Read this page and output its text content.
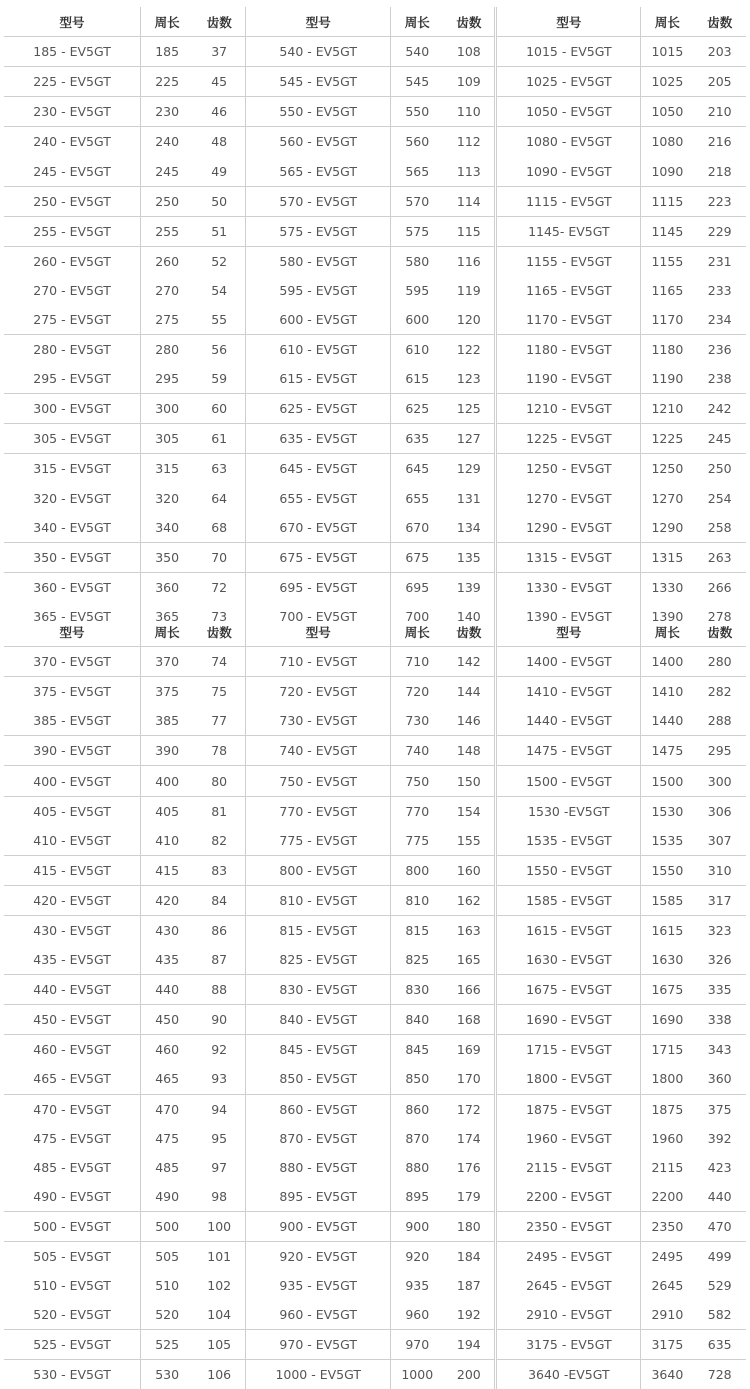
型号	周长	齿数	型号	周长	齿数	型号	周长	齿数
185 - EV5GT	185	37	540 - EV5GT	540	108	1015 - EV5GT	1015	203
225 - EV5GT	225	45	545 - EV5GT	545	109	1025 - EV5GT	1025	205
230 - EV5GT	230	46	550 - EV5GT	550	110	1050 - EV5GT	1050	210
240 - EV5GT	240	48	560 - EV5GT	560	112	1080 - EV5GT	1080	216
245 - EV5GT	245	49	565 - EV5GT	565	113	1090 - EV5GT	1090	218
250 - EV5GT	250	50	570 - EV5GT	570	114	1115 - EV5GT	1115	223
255 - EV5GT	255	51	575 - EV5GT	575	115	1145- EV5GT	1145	229
260 - EV5GT	260	52	580 - EV5GT	580	116	1155 - EV5GT	1155	231
270 - EV5GT	270	54	595 - EV5GT	595	119	1165 - EV5GT	1165	233
275 - EV5GT	275	55	600 - EV5GT	600	120	1170 - EV5GT	1170	234
280 - EV5GT	280	56	610 - EV5GT	610	122	1180 - EV5GT	1180	236
295 - EV5GT	295	59	615 - EV5GT	615	123	1190 - EV5GT	1190	238
300 - EV5GT	300	60	625 - EV5GT	625	125	1210 - EV5GT	1210	242
305 - EV5GT	305	61	635 - EV5GT	635	127	1225 - EV5GT	1225	245
315 - EV5GT	315	63	645 - EV5GT	645	129	1250 - EV5GT	1250	250
320 - EV5GT	320	64	655 - EV5GT	655	131	1270 - EV5GT	1270	254
340 - EV5GT	340	68	670 - EV5GT	670	134	1290 - EV5GT	1290	258
350 - EV5GT	350	70	675 - EV5GT	675	135	1315 - EV5GT	1315	263
360 - EV5GT	360	72	695 - EV5GT	695	139	1330 - EV5GT	1330	266
365 - EV5GT	365	73	700 - EV5GT	700	140	1390 - EV5GT	1390	278
型号	周长	齿数	型号	周长	齿数	型号	周长	齿数
370 - EV5GT	370	74	710 - EV5GT	710	142	1400 - EV5GT	1400	280
375 - EV5GT	375	75	720 - EV5GT	720	144	1410 - EV5GT	1410	282
385 - EV5GT	385	77	730 - EV5GT	730	146	1440 - EV5GT	1440	288
390 - EV5GT	390	78	740 - EV5GT	740	148	1475 - EV5GT	1475	295
400 - EV5GT	400	80	750 - EV5GT	750	150	1500 - EV5GT	1500	300
405 - EV5GT	405	81	770 - EV5GT	770	154	1530 -EV5GT	1530	306
410 - EV5GT	410	82	775 - EV5GT	775	155	1535 - EV5GT	1535	307
415 - EV5GT	415	83	800 - EV5GT	800	160	1550 - EV5GT	1550	310
420 - EV5GT	420	84	810 - EV5GT	810	162	1585 - EV5GT	1585	317
430 - EV5GT	430	86	815 - EV5GT	815	163	1615 - EV5GT	1615	323
435 - EV5GT	435	87	825 - EV5GT	825	165	1630 - EV5GT	1630	326
440 - EV5GT	440	88	830 - EV5GT	830	166	1675 - EV5GT	1675	335
450 - EV5GT	450	90	840 - EV5GT	840	168	1690 - EV5GT	1690	338
460 - EV5GT	460	92	845 - EV5GT	845	169	1715 - EV5GT	1715	343
465 - EV5GT	465	93	850 - EV5GT	850	170	1800 - EV5GT	1800	360
470 - EV5GT	470	94	860 - EV5GT	860	172	1875 - EV5GT	1875	375
475 - EV5GT	475	95	870 - EV5GT	870	174	1960 - EV5GT	1960	392
485 - EV5GT	485	97	880 - EV5GT	880	176	2115 - EV5GT	2115	423
490 - EV5GT	490	98	895 - EV5GT	895	179	2200 - EV5GT	2200	440
500 - EV5GT	500	100	900 - EV5GT	900	180	2350 - EV5GT	2350	470
505 - EV5GT	505	101	920 - EV5GT	920	184	2495 - EV5GT	2495	499
510 - EV5GT	510	102	935 - EV5GT	935	187	2645 - EV5GT	2645	529
520 - EV5GT	520	104	960 - EV5GT	960	192	2910 - EV5GT	2910	582
525 - EV5GT	525	105	970 - EV5GT	970	194	3175 - EV5GT	3175	635
530 - EV5GT	530	106	1000 - EV5GT	1000	200	3640 -EV5GT	3640	728
